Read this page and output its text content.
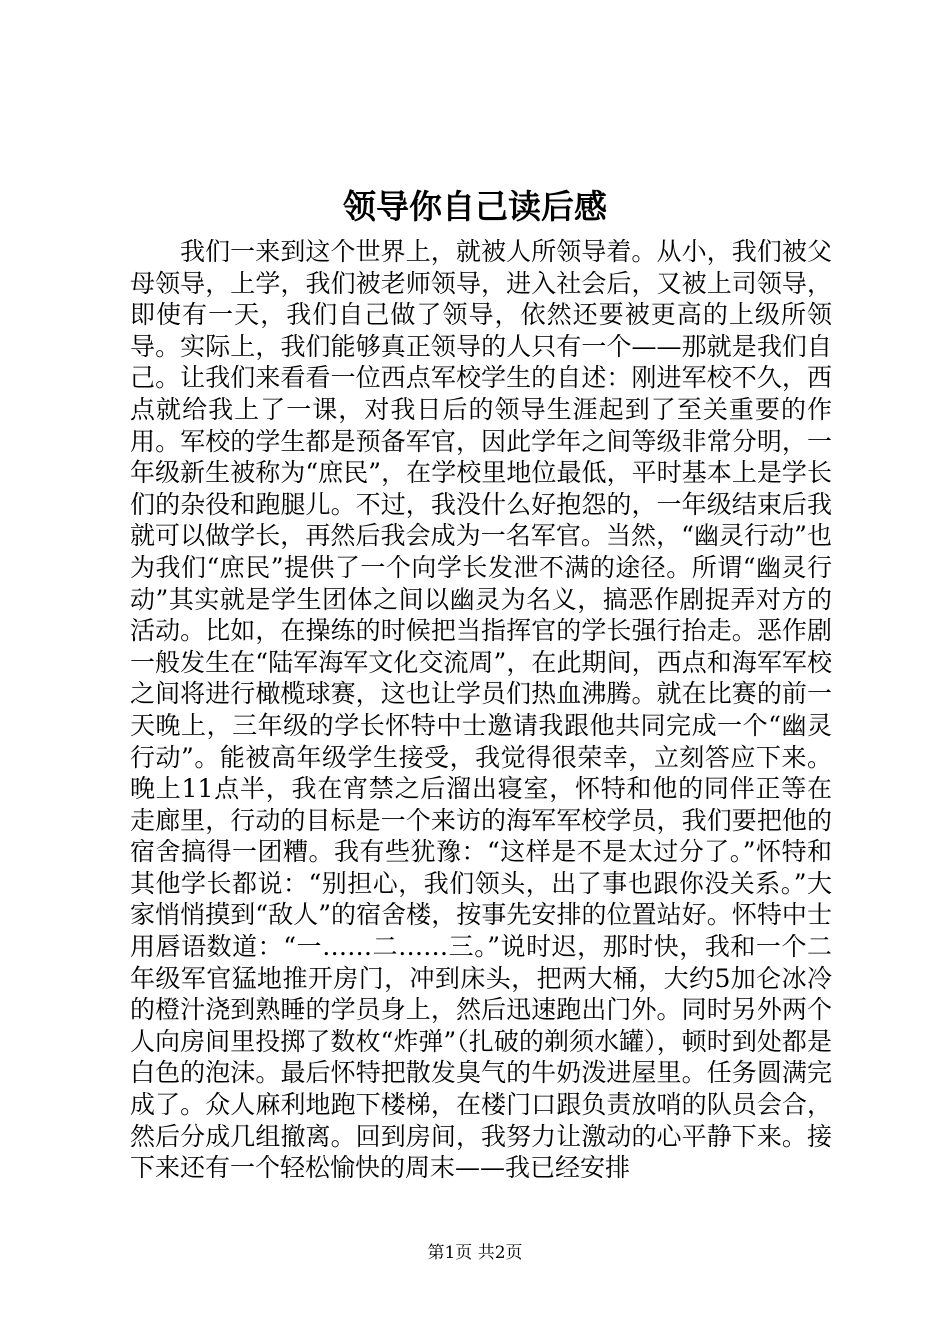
领导你自己读后感

我们一来到这个世界上，就被人所领导着。从小，我们被父母领导，上学，我们被老师领导，进入社会后，又被上司领导，即使有一天，我们自己做了领导，依然还要被更高的上级所领导。实际上，我们能够真正领导的人只有一个——那就是我们自己。让我们来看看一位西点军校学生的自述：刚进军校不久，西点就给我上了一课，对我日后的领导生涯起到了至关重要的作用。军校的学生都是预备军官，因此学年之间等级非常分明，一年级新生被称为“庶民”，在学校里地位最低，平时基本上是学长们的杂役和跑腿儿。不过，我没什么好抱怨的，一年级结束后我就可以做学长，再然后我会成为一名军官。当然，“幽灵行动”也为我们“庶民”提供了一个向学长发泄不满的途径。所谓“幽灵行动”其实就是学生团体之间以幽灵为名义，搞恶作剧捉弄对方的活动。比如，在操练的时候把当指挥官的学长强行抬走。恶作剧一般发生在“陆军海军文化交流周”，在此期间，西点和海军军校之间将进行橄榄球赛，这也让学员们热血沸腾。就在比赛的前一天晚上，三年级的学长怀特中士邀请我跟他共同完成一个“幽灵行动”。能被高年级学生接受，我觉得很荣幸，立刻答应下来。晚上11点半，我在宵禁之后溜出寝室，怀特和他的同伴正等在走廊里，行动的目标是一个来访的海军军校学员，我们要把他的宿舍搞得一团糟。我有些犹豫：“这样是不是太过分了。”怀特和其他学长都说：“别担心，我们领头，出了事也跟你没关系。”大家悄悄摸到“敌人”的宿舍楼，按事先安排的位置站好。怀特中士用唇语数道：“一……二……三。”说时迟，那时快，我和一个二年级军官猛地推开房门，冲到床头，把两大桶，大约5加仑冰冷的橙汁浇到熟睡的学员身上，然后迅速跑出门外。同时另外两个人向房间里投掷了数枚“炸弹”（扎破的剃须水罐），顿时到处都是白色的泡沫。最后怀特把散发臭气的牛奶泼进屋里。任务圆满完成了。众人麻利地跑下楼梯，在楼门口跟负责放哨的队员会合，然后分成几组撤离。回到房间，我努力让激动的心平静下来。接下来还有一个轻松愉快的周末——我已经安排

第1页 共2页
